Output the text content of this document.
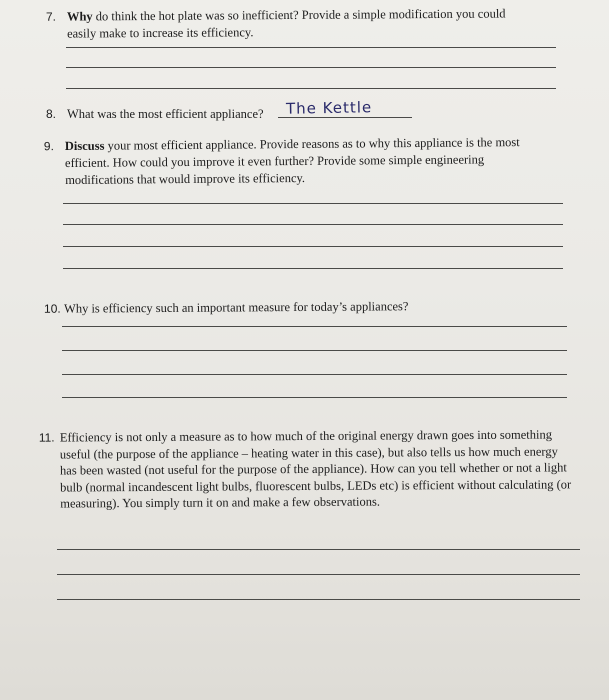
7. Why do think the hot plate was so inefficient? Provide a simple modification you could easily make to increase its efficiency.
8. What was the most efficient appliance?	The Kettle
9. Discuss your most efficient appliance. Provide reasons as to why this appliance is the most efficient. How could you improve it even further? Provide some simple engineering modifications that would improve its efficiency.
10. Why is efficiency such an important measure for today’s appliances?
11. Efficiency is not only a measure as to how much of the original energy drawn goes into something useful (the purpose of the appliance – heating water in this case), but also tells us how much energy has been wasted (not useful for the purpose of the appliance). How can you tell whether or not a light bulb (normal incandescent light bulbs, fluorescent bulbs, LEDs etc) is efficient without calculating (or measuring). You simply turn it on and make a few observations.
